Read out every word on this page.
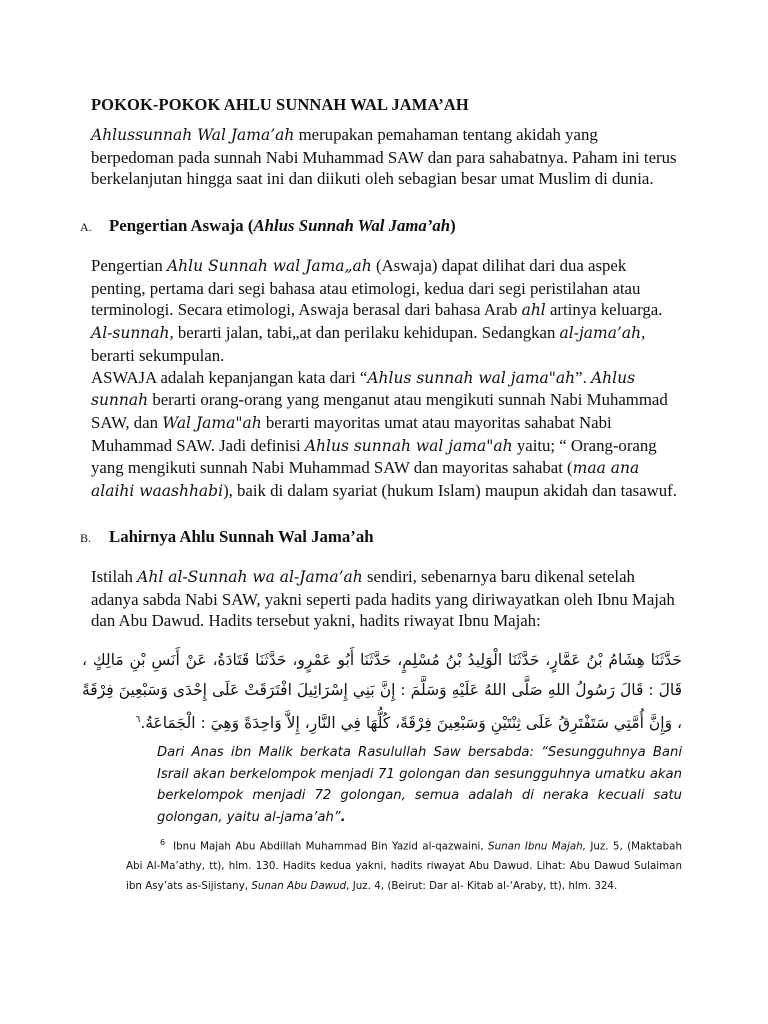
POKOK-POKOK AHLU SUNNAH WAL JAMA’AH
Ahlussunnah Wal Jama’ah merupakan pemahaman tentang akidah yang berpedoman pada sunnah Nabi Muhammad SAW dan para sahabatnya. Paham ini terus berkelanjutan hingga saat ini dan diikuti oleh sebagian besar umat Muslim di dunia.
A.	Pengertian Aswaja (Ahlus Sunnah Wal Jama’ah)
Pengertian Ahlu Sunnah wal Jama„ah (Aswaja) dapat dilihat dari dua aspek penting, pertama dari segi bahasa atau etimologi, kedua dari segi peristilahan atau terminologi. Secara etimologi, Aswaja berasal dari bahasa Arab ahl artinya keluarga. Al-sunnah, berarti jalan, tabi„at dan perilaku kehidupan. Sedangkan al-jama’ah, berarti sekumpulan.
ASWAJA adalah kepanjangan kata dari “Ahlus sunnah wal jama"ah”. Ahlus sunnah berarti orang-orang yang menganut atau mengikuti sunnah Nabi Muhammad SAW, dan Wal Jama"ah berarti mayoritas umat atau mayoritas sahabat Nabi Muhammad SAW. Jadi definisi Ahlus sunnah wal jama"ah yaitu; “ Orang-orang yang mengikuti sunnah Nabi Muhammad SAW dan mayoritas sahabat (maa ana alaihi waashhabi), baik di dalam syariat (hukum Islam) maupun akidah dan tasawuf.
B.	Lahirnya Ahlu Sunnah Wal Jama’ah
Istilah Ahl al-Sunnah wa al-Jama’ah sendiri, sebenarnya baru dikenal setelah adanya sabda Nabi SAW, yakni seperti pada hadits yang diriwayatkan oleh Ibnu Majah dan Abu Dawud. Hadits tersebut yakni, hadits riwayat Ibnu Majah:
حَدَّثَنَا هِشَامُ بْنُ عَمَّارٍ، حَدَّثَنَا الْوَلِيدُ بْنُ مُسْلِمٍ، حَدَّثَنَا أَبُو عَمْرٍو، حَدَّثَنَا قَتَادَةُ، عَنْ أَنَسِ بْنِ مَالِكٍ ، قَالَ : قَالَ رَسُولُ اللهِ صَلَّى اللهُ عَلَيْهِ وَسَلَّمَ : إِنَّ بَنِي إِسْرَائِيلَ افْتَرَقَتْ عَلَى إِحْدَى وَسَبْعِينَ فِرْقَةً ، وَإِنَّ أُمَّتِي سَتَفْتَرِقُ عَلَى ثِنْتَيْنِ وَسَبْعِينَ فِرْقَةً، كُلُّهَا فِي النَّارِ، إِلاَّ وَاحِدَةً وَهِيَ : الْجَمَاعَةُ.$^٦$
Dari Anas ibn Malik berkata Rasulullah Saw bersabda: “Sesungguhnya Bani Israil akan berkelompok menjadi 71 golongan dan sesungguhnya umatku akan berkelompok menjadi 72 golongan, semua adalah di neraka kecuali satu golongan, yaitu al-jama’ah”.
$^6$ Ibnu Majah Abu Abdillah Muhammad Bin Yazid al-qazwaini, Sunan Ibnu Majah, Juz. 5, (Maktabah Abi Al-Ma’athy, tt), hlm. 130. Hadits kedua yakni, hadits riwayat Abu Dawud. Lihat: Abu Dawud Sulaiman ibn Asy’ats as-Sijistany, Sunan Abu Dawud, Juz. 4, (Beirut: Dar al- Kitab al-‘Araby, tt), hlm. 324.
